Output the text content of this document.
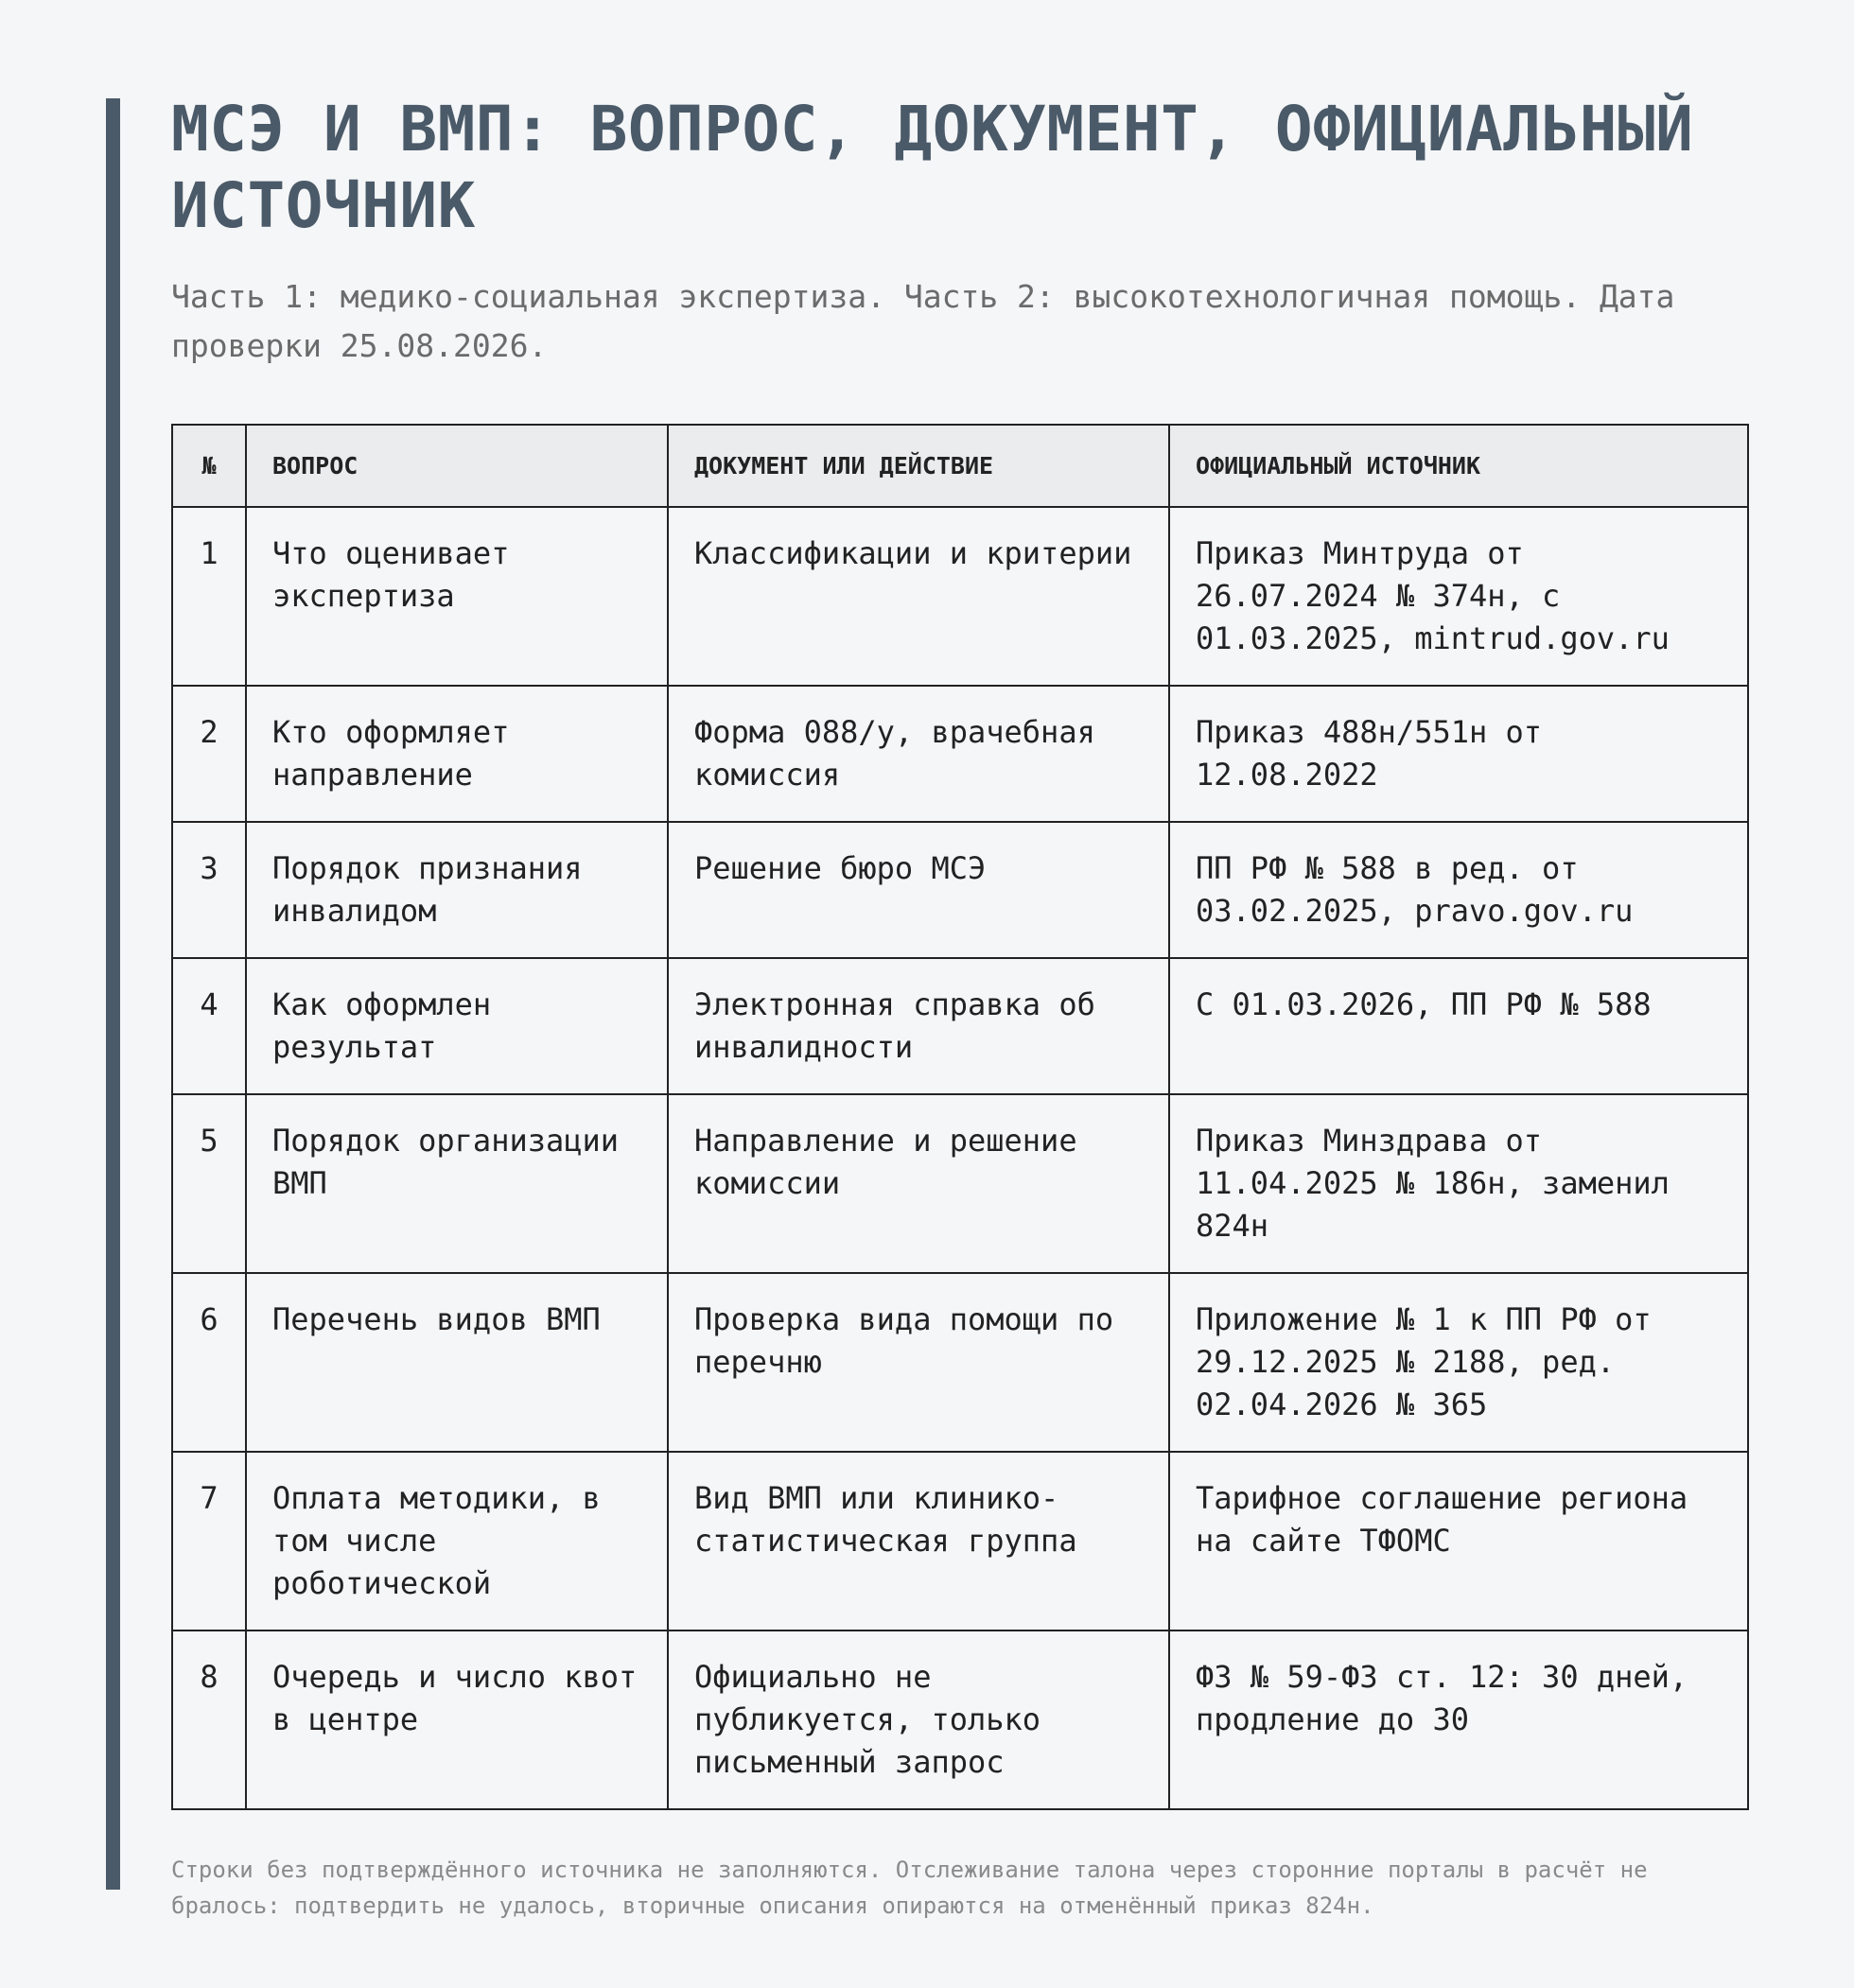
МСЭ И ВМП: ВОПРОС, ДОКУМЕНТ, ОФИЦИАЛЬНЫЙ ИСТОЧНИК

Часть 1: медико-социальная экспертиза. Часть 2: высокотехнологичная помощь. Дата проверки 25.08.2026.

№	ВОПРОС	ДОКУМЕНТ ИЛИ ДЕЙСТВИЕ	ОФИЦИАЛЬНЫЙ ИСТОЧНИК
1	Что оценивает экспертиза	Классификации и критерии	Приказ Минтруда от 26.07.2024 № 374н, с 01.03.2025, mintrud.gov.ru
2	Кто оформляет направление	Форма 088/у, врачебная комиссия	Приказ 488н/551н от 12.08.2022
3	Порядок признания инвалидом	Решение бюро МСЭ	ПП РФ № 588 в ред. от 03.02.2025, pravo.gov.ru
4	Как оформлен результат	Электронная справка об инвалидности	С 01.03.2026, ПП РФ № 588
5	Порядок организации ВМП	Направление и решение комиссии	Приказ Минздрава от 11.04.2025 № 186н, заменил 824н
6	Перечень видов ВМП	Проверка вида помощи по перечню	Приложение № 1 к ПП РФ от 29.12.2025 № 2188, ред. 02.04.2026 № 365
7	Оплата методики, в том числе роботической	Вид ВМП или клинико-статистическая группа	Тарифное соглашение региона на сайте ТФОМС
8	Очередь и число квот в центре	Официально не публикуется, только письменный запрос	ФЗ № 59-ФЗ ст. 12: 30 дней, продление до 30

Строки без подтверждённого источника не заполняются. Отслеживание талона через сторонние порталы в расчёт не бралось: подтвердить не удалось, вторичные описания опираются на отменённый приказ 824н.
